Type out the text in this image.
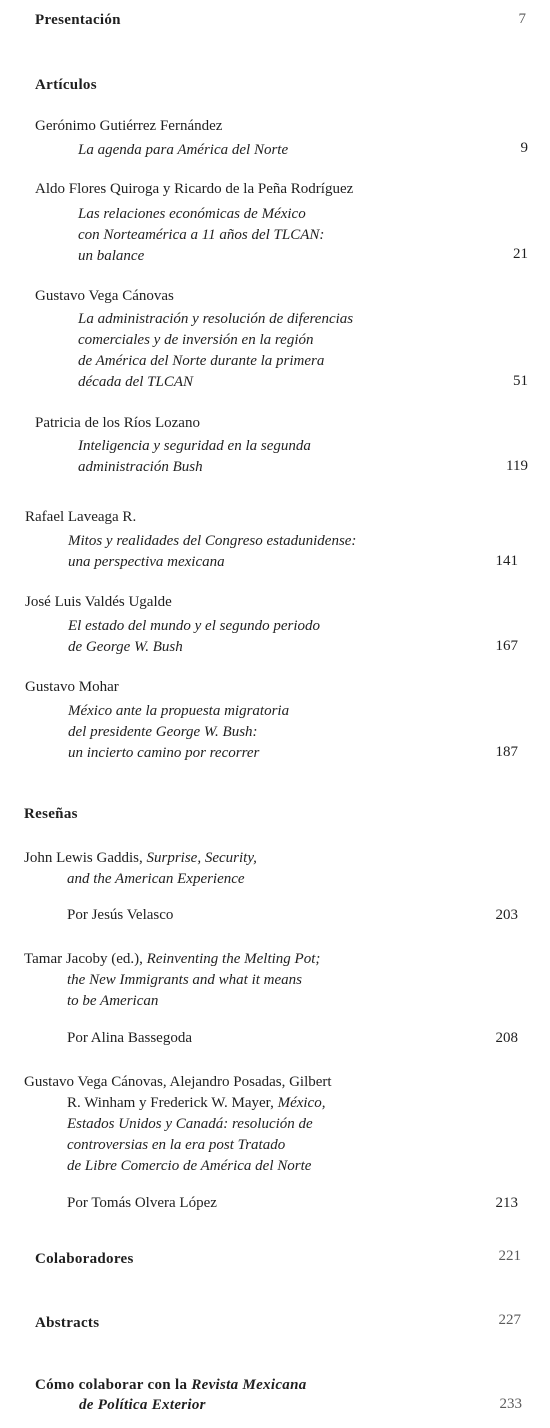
Presentación	7
Artículos
Gerónimo Gutiérrez Fernández
La agenda para América del Norte	9
Aldo Flores Quiroga y Ricardo de la Peña Rodríguez
Las relaciones económicas de México
con Norteamérica a 11 años del TLCAN:
un balance	21
Gustavo Vega Cánovas
La administración y resolución de diferencias
comerciales y de inversión en la región
de América del Norte durante la primera
década del TLCAN	51
Patricia de los Ríos Lozano
Inteligencia y seguridad en la segunda
administración Bush	119
Rafael Laveaga R.
Mitos y realidades del Congreso estadunidense:
una perspectiva mexicana	141
José Luis Valdés Ugalde
El estado del mundo y el segundo periodo
de George W. Bush	167
Gustavo Mohar
México ante la propuesta migratoria
del presidente George W. Bush:
un incierto camino por recorrer	187
Reseñas
John Lewis Gaddis, Surprise, Security,
and the American Experience
Por Jesús Velasco	203
Tamar Jacoby (ed.), Reinventing the Melting Pot;
the New Immigrants and what it means
to be American
Por Alina Bassegoda	208
Gustavo Vega Cánovas, Alejandro Posadas, Gilbert
R. Winham y Frederick W. Mayer, México,
Estados Unidos y Canadá: resolución de
controversias en la era post Tratado
de Libre Comercio de América del Norte
Por Tomás Olvera López	213
Colaboradores	221
Abstracts	227
Cómo colaborar con la Revista Mexicana
de Política Exterior	233
